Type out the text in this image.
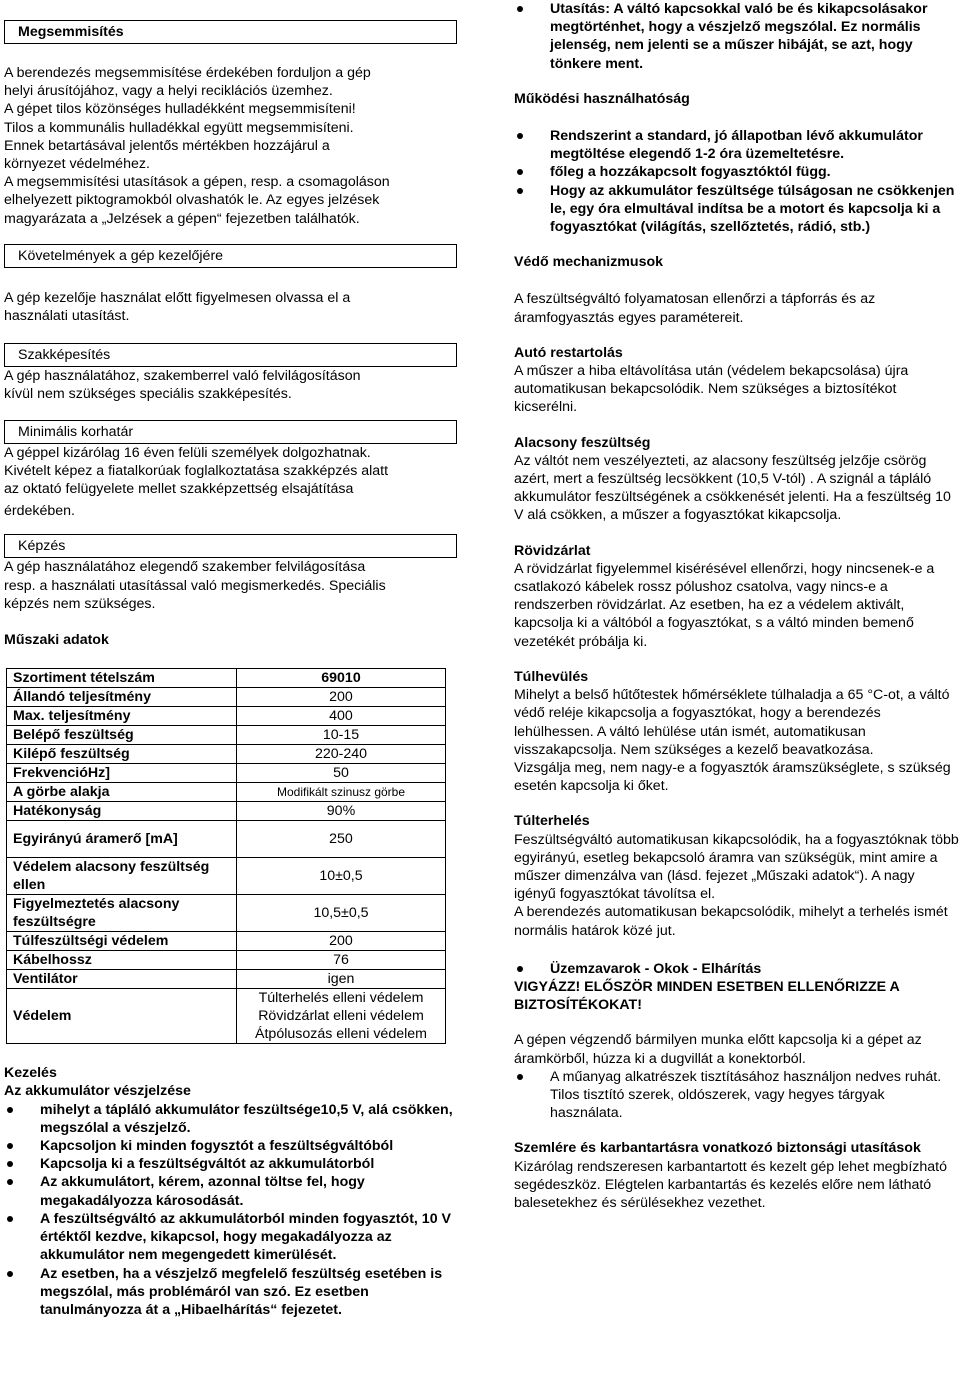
Megsemmisítés

A berendezés megsemmisítése érdekében forduljon a gép

helyi árusítójához, vagy a helyi reciklációs üzemhez.

A gépet tilos közönséges hulladékként megsemmisíteni!

Tilos a kommunális hulladékkal együtt megsemmisíteni.

Ennek betartásával jelentős mértékben hozzájárul a

környezet védelméhez.

A megsemmisítési utasítások a gépen, resp. a csomagoláson

elhelyezett piktogramokból olvashatók le. Az egyes jelzések

magyarázata a „Jelzések a gépen“ fejezetben találhatók.

Követelmények a gép kezelőjére

A gép kezelője használat előtt figyelmesen olvassa el a

használati utasítást.

Szakképesítés

A gép használatához, szakemberrel való felvilágosításon

kívül nem szükséges speciális szakképesítés.

Minimális korhatár

A géppel kizárólag 16 éven felüli személyek dolgozhatnak.

Kivételt képez a fiatalkorúak foglalkoztatása szakképzés alatt

az oktató felügyelete mellet szakképzettség elsajátítása

érdekében.

Képzés

A gép használatához elegendő szakember felvilágosítása

resp. a használati utasítással való megismerkedés. Speciális

képzés nem szükséges.

Műszaki adatok

Szortiment tételszám	69010
Állandó teljesítmény	200
Max. teljesítmény	400
Belépő feszültség	10-15
Kilépő feszültség	220-240
FrekvencióHz]	50
A görbe alakja	Modifikált szinusz görbe
Hatékonyság	90%
Egyirányú áramerő [mA]	250
Védelem alacsony feszültség ellen	10±0,5
Figyelmeztetés alacsony feszültségre	10,5±0,5
Túlfeszültségi védelem	200
Kábelhossz	76
Ventilátor	igen
Védelem	Túlterhelés elleni védelem
Rövidzárlat elleni védelem
Átpólusozás elleni védelem

Kezelés

Az akkumulátor vészjelzése

mihelyt a tápláló akkumulátor feszültsége10,5 V, alá csökken, megszólal a vészjelző.
Kapcsoljon ki minden fogysztót a feszültségváltóból
Kapcsolja ki a feszültségváltót az akkumulátorból
Az akkumulátort, kérem, azonnal töltse fel, hogy megakadályozza károsodását.
A feszültségváltó az akkumulátorból minden fogyasztót, 10 V értéktől kezdve, kikapcsol, hogy megakadályozza az akkumulátor nem megengedett kimerülését.
Az esetben, ha a vészjelző megfelelő feszültség esetében is megszólal, más problémáról van szó. Ez esetben tanulmányozza át a „Hibaelhárítás“ fejezetet.
Utasítás: A váltó kapcsokkal való be és kikapcsolásakor megtörténhet, hogy a vészjelző megszólal. Ez normális jelenség, nem jelenti se a műszer hibáját, se azt, hogy tönkere ment.

Működési használhatóság

Rendszerint a standard, jó állapotban lévő akkumulátor megtöltése elegendő 1-2 óra üzemeltetésre.
főleg a hozzákapcsolt fogyasztóktól függ.
Hogy az akkumulátor feszültsége túlságosan ne csökkenjen le, egy óra elmultával indítsa be a motort és kapcsolja ki a fogyasztókat (világítás, szellőztetés, rádió, stb.)

Védő mechanizmusok

A feszültségváltó folyamatosan ellenőrzi a tápforrás és az áramfogyasztás egyes paramétereit.

Autó restartolás

A műszer a hiba eltávolítása után (védelem bekapcsolása) újra automatikusan bekapcsolódik. Nem szükséges a biztosítékot kicserélni.

Alacsony feszültség

Az váltót nem veszélyezteti, az alacsony feszültség jelzője csörög azért, mert a feszültség lecsökkent (10,5 V-tól) . A szignál a tápláló akkumulátor feszültségének a csökkenését jelenti. Ha a feszültség 10 V alá csökken, a műszer a fogyasztókat kikapcsolja.

Rövidzárlat

A rövidzárlat figyelemmel kisérésével ellenőrzi, hogy nincsenek-e a csatlakozó kábelek rossz pólushoz csatolva, vagy nincs-e a rendszerben rövidzárlat. Az esetben, ha ez a védelem aktivált, kapcsolja ki a váltóból a fogyasztókat, s a váltó minden bemenő vezetékét próbálja ki.

Túlhevülés

Mihelyt a belső hűtőtestek hőmérséklete túlhaladja a 65 °C-ot, a váltó védő reléje kikapcsolja a fogyasztókat, hogy a berendezés lehülhessen. A váltó lehülése után ismét, automatikusan visszakapcsolja. Nem szükséges a kezelő beavatkozása.

Vizsgálja meg, nem nagy-e a fogyasztók áramszükséglete, s szükség esetén kapcsolja ki őket.

Túlterhelés

Feszültségváltó automatikusan kikapcsolódik, ha a fogyasztóknak több egyirányú, esetleg bekapcsoló áramra van szükségük, mint amire a műszer dimenzálva van (lásd. fejezet „Műszaki adatok“). A nagy igényű fogyasztókat távolítsa el.

A berendezés automatikusan bekapcsolódik, mihelyt a terhelés ismét normális határok közé jut.

Üzemzavarok - Okok - Elhárítás

VIGYÁZZ! ELŐSZÖR MINDEN ESETBEN ELLENŐRIZZE A BIZTOSÍTÉKOKAT!

A gépen végzendő bármilyen munka előtt kapcsolja ki a gépet az áramkörből, húzza ki a dugvillát a konektorból.

A műanyag alkatrészek tisztításához használjon nedves ruhát. Tilos tisztító szerek, oldószerek, vagy hegyes tárgyak használata.

Szemlére és karbantartásra vonatkozó biztonsági utasítások

Kizárólag rendszeresen karbantartott és kezelt gép lehet megbízható segédeszköz. Elégtelen karbantartás és kezelés előre nem látható balesetekhez és sérülésekhez vezethet.
